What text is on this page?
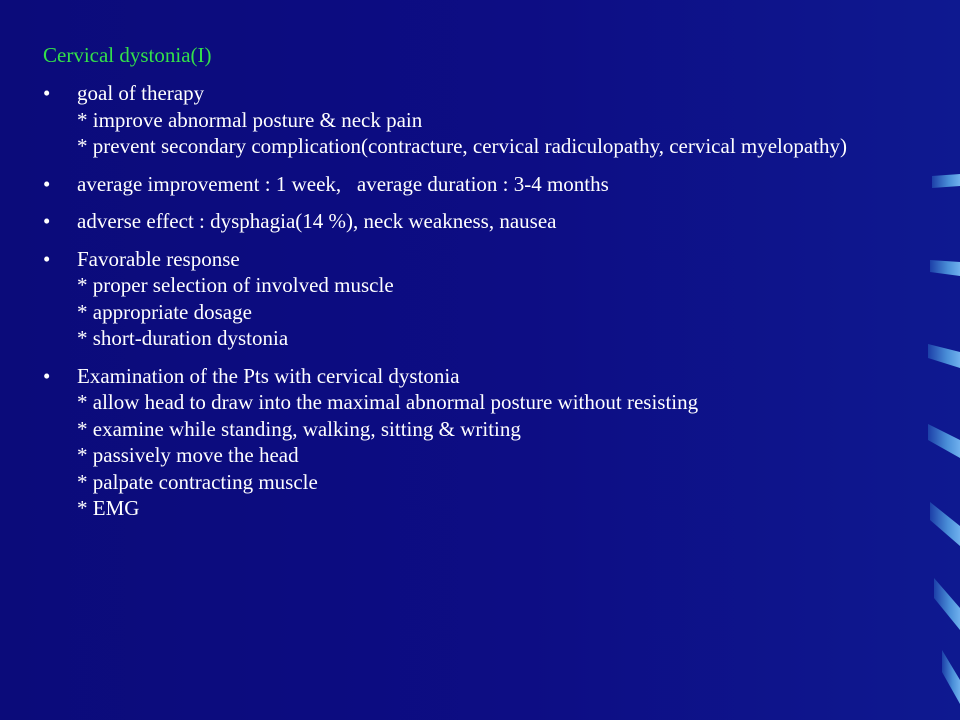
Cervical dystonia(I)
•	goal of therapy
* improve abnormal posture & neck pain
* prevent secondary complication(contracture, cervical radiculopathy, cervical myelopathy)
•	average improvement : 1 week,   average duration : 3-4 months
•	adverse effect : dysphagia(14 %), neck weakness, nausea
•	Favorable response
* proper selection of involved muscle
* appropriate dosage
* short-duration dystonia
•	Examination of the Pts with cervical dystonia
* allow head to draw into the maximal abnormal posture without resisting
* examine while standing, walking, sitting & writing
* passively move the head
* palpate contracting muscle
* EMG
